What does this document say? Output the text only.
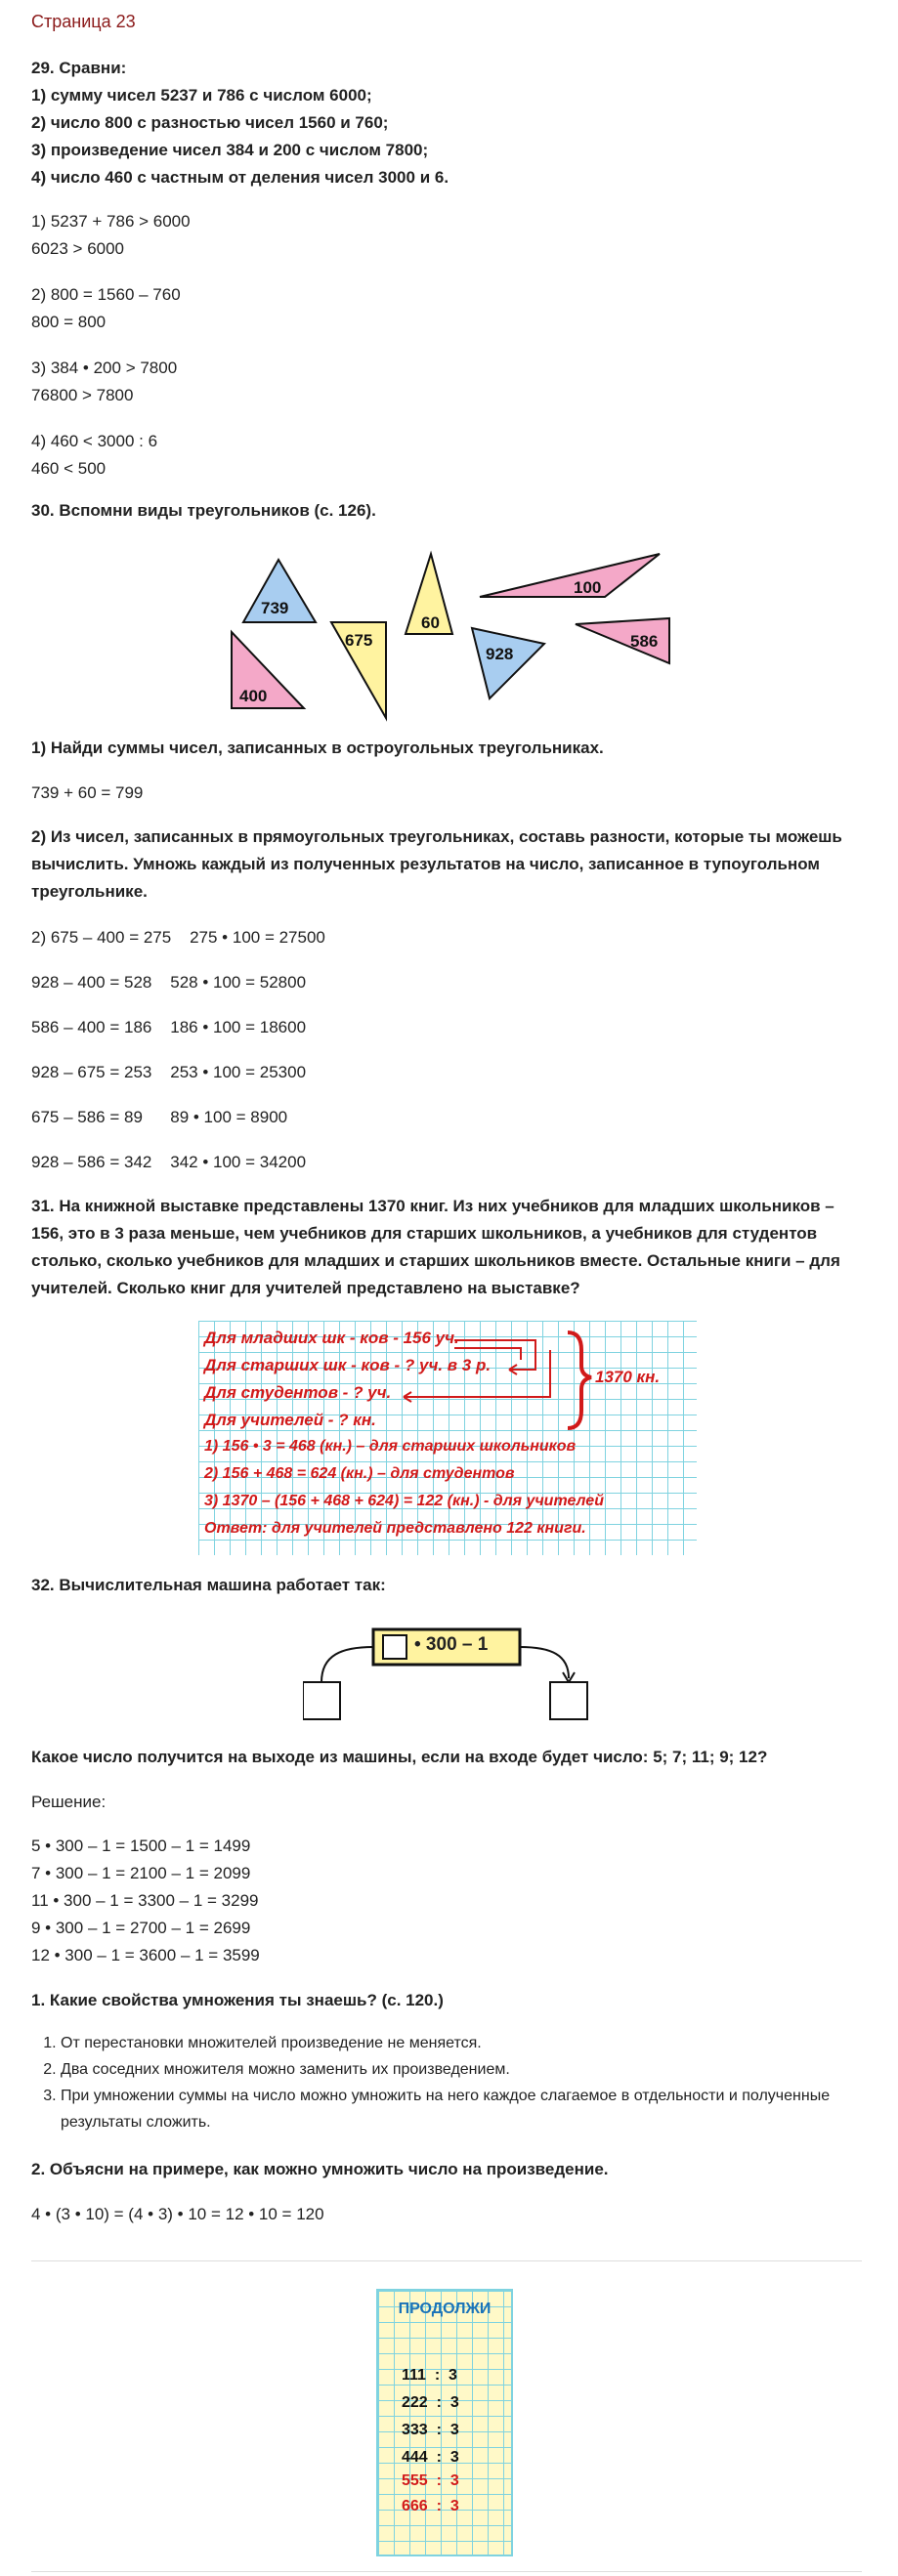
Страница 23
29. Сравни:
1) сумму чисел 5237 и 786 с числом 6000;
2) число 800 с разностью чисел 1560 и 760;
3) произведение чисел 384 и 200 с числом 7800;
4) число 460 с частным от деления чисел 3000 и 6.

1) 5237 + 786 > 6000

6023 > 6000

2) 800 = 1560 – 760

800 = 800

3) 384 • 200 > 7800

76800 > 7800

4) 460 < 3000 : 6

460 < 500

30. Вспомни виды треугольников (с. 126).
739
675
60
100
400
928
586
1) Найди суммы чисел, записанных в остроугольных треугольниках.

739 + 60 = 799

2) Из чисел, записанных в прямоугольных треугольниках, составь разности, которые ты можешь вычислить. Умножь каждый из полученных результатов на число, записанное в тупоугольном треугольнике.

2) 675 – 400 = 275    275 • 100 = 27500

928 – 400 = 528    528 • 100 = 52800

586 – 400 = 186    186 • 100 = 18600

928 – 675 = 253    253 • 100 = 25300

675 – 586 = 89      89 • 100 = 8900

928 – 586 = 342    342 • 100 = 34200

31. На книжной выставке представлены 1370 книг. Из них учебников для младших школьников – 156, это в 3 раза меньше, чем учебников для старших школьников, а учебников для студентов столько, сколько учебников для младших и старших школьников вместе. Остальные книги – для учителей. Сколько книг для учителей представлено на выставке?
Для младших шк - ков - 156 уч.
Для старших шк - ков - ? уч. в 3 р.
Для студентов - ? уч.
Для учителей - ? кн.
1) 156 • 3 = 468 (кн.) – для старших школьников
2) 156 + 468 = 624 (кн.) – для студентов
3) 1370 – (156 + 468 + 624) = 122 (кн.) - для учителей
Ответ: для учителей представлено 122 книги.
1370 кн.
32. Вычислительная машина работает так:
• 300 – 1
Какое число получится на выходе из машины, если на входе будет число: 5; 7; 11; 9; 12?

Решение:

5 • 300 – 1 = 1500 – 1 = 1499

7 • 300 – 1 = 2100 – 1 = 2099

11 • 300 – 1 = 3300 – 1 = 3299

9 • 300 – 1 = 2700 – 1 = 2699

12 • 300 – 1 = 3600 – 1 = 3599

1. Какие свойства умножения ты знаешь? (с. 120.)
1. От перестановки множителей произведение не меняется.
2. Два соседних множителя можно заменить их произведением.
3. При умножении суммы на число можно умножить на него каждое слагаемое в отдельности и полученные результаты сложить.
2. Объясни на примере, как можно умножить число на произведение.

4 • (3 • 10) = (4 • 3) • 10 = 12 • 10 = 120

ПРОДОЛЖИ
111 : 3
222 : 3
333 : 3
444 : 3
555 : 3
666 : 3
